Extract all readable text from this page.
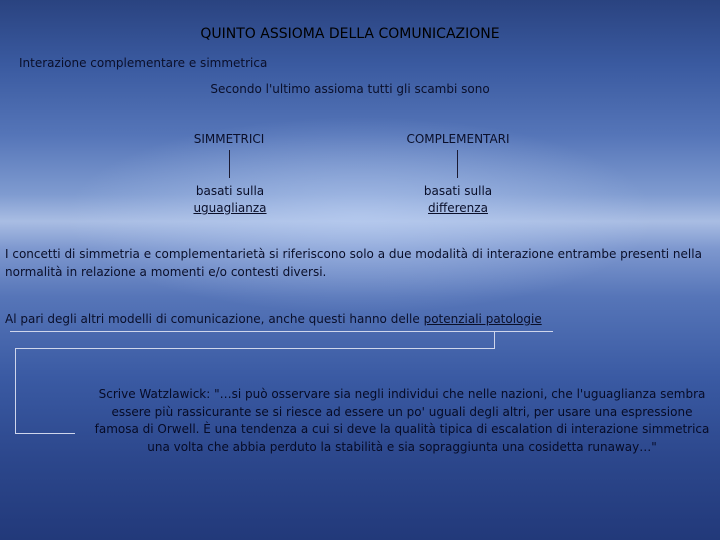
QUINTO ASSIOMA DELLA COMUNICAZIONE
Interazione complementare e simmetrica
Secondo l'ultimo assioma tutti gli scambi sono
SIMMETRICI	COMPLEMENTARI
basati sulla
uguaglianza
basati sulla
differenza
I concetti di simmetria e complementarietà si riferiscono solo a due modalità di interazione entrambe presenti nella normalità in relazione a momenti e/o contesti diversi.
Al pari degli altri modelli di comunicazione, anche questi hanno delle potenziali patologie
Scrive Watzlawick: "…si può osservare sia negli individui che nelle nazioni, che l'uguaglianza sembra essere più rassicurante se si riesce ad essere un po' uguali degli altri, per usare una espressione famosa di Orwell. È una tendenza a cui si deve la qualità tipica di escalation di interazione simmetrica una volta che abbia perduto la stabilità e sia sopraggiunta una cosidetta runaway…"
